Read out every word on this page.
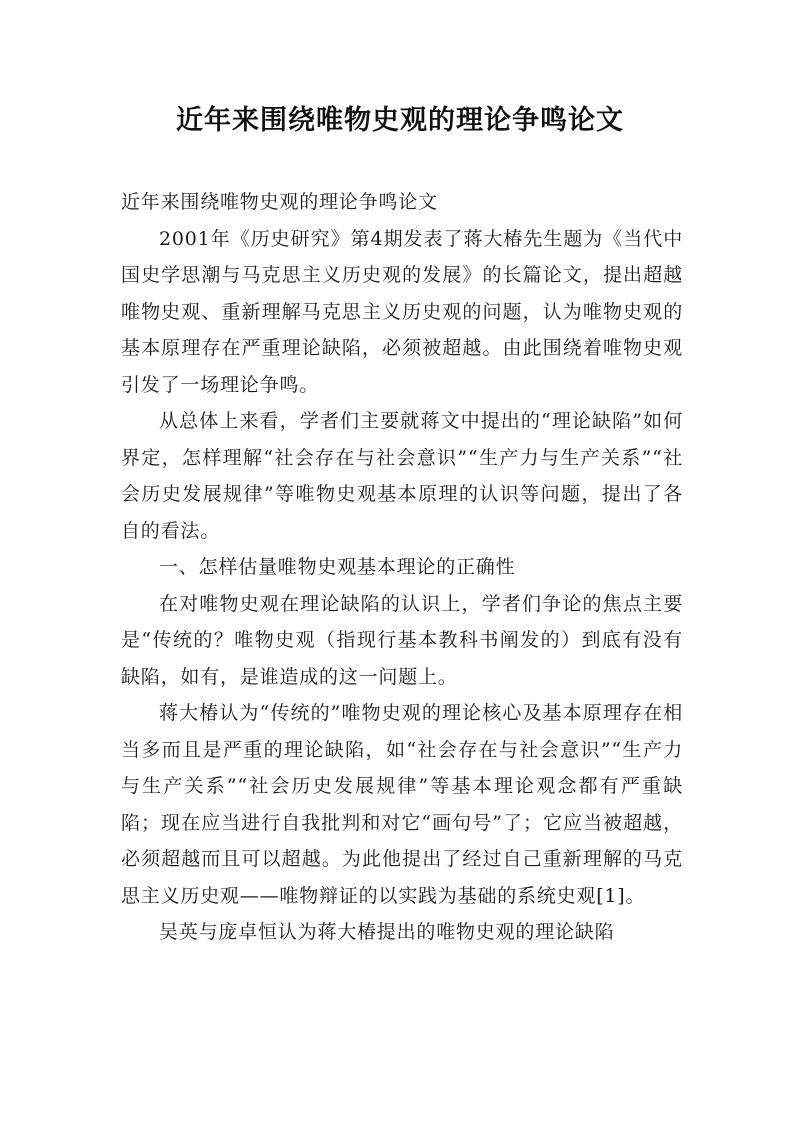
近年来围绕唯物史观的理论争鸣论文

近年来围绕唯物史观的理论争鸣论文

2001年《历史研究》第4期发表了蒋大椿先生题为《当代中国史学思潮与马克思主义历史观的发展》的长篇论文，提出超越唯物史观、重新理解马克思主义历史观的问题，认为唯物史观的基本原理存在严重理论缺陷，必须被超越。由此围绕着唯物史观引发了一场理论争鸣。

从总体上来看，学者们主要就蒋文中提出的“理论缺陷”如何界定，怎样理解“社会存在与社会意识”“生产力与生产关系”“社会历史发展规律”等唯物史观基本原理的认识等问题，提出了各自的看法。

一、怎样估量唯物史观基本理论的正确性

在对唯物史观在理论缺陷的认识上，学者们争论的焦点主要是“传统的？唯物史观（指现行基本教科书阐发的）到底有没有缺陷，如有，是谁造成的这一问题上。

蒋大椿认为“传统的”唯物史观的理论核心及基本原理存在相当多而且是严重的理论缺陷，如“社会存在与社会意识”“生产力与生产关系”“社会历史发展规律”等基本理论观念都有严重缺陷；现在应当进行自我批判和对它“画句号”了；它应当被超越，必须超越而且可以超越。为此他提出了经过自己重新理解的马克思主义历史观——唯物辩证的以实践为基础的系统史观[1]。

吴英与庞卓恒认为蒋大椿提出的唯物史观的理论缺陷
